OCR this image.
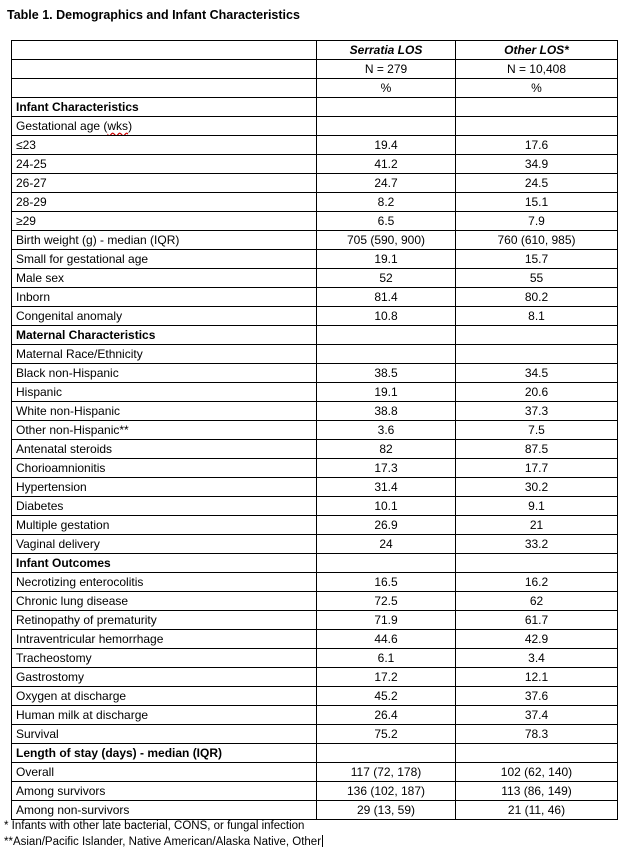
Table 1. Demographics and Infant Characteristics
	Serratia LOS	Other LOS*
	N = 279	N = 10,408
	%	%
Infant Characteristics		
Gestational age (wks)		
≤23	19.4	17.6
24-25	41.2	34.9
26-27	24.7	24.5
28-29	8.2	15.1
≥29	6.5	7.9
Birth weight (g) - median (IQR)	705 (590, 900)	760 (610, 985)
Small for gestational age	19.1	15.7
Male sex	52	55
Inborn	81.4	80.2
Congenital anomaly	10.8	8.1
Maternal Characteristics		
Maternal Race/Ethnicity		
Black non-Hispanic	38.5	34.5
Hispanic	19.1	20.6
White non-Hispanic	38.8	37.3
Other non-Hispanic**	3.6	7.5
Antenatal steroids	82	87.5
Chorioamnionitis	17.3	17.7
Hypertension	31.4	30.2
Diabetes	10.1	9.1
Multiple gestation	26.9	21
Vaginal delivery	24	33.2
Infant Outcomes		
Necrotizing enterocolitis	16.5	16.2
Chronic lung disease	72.5	62
Retinopathy of prematurity	71.9	61.7
Intraventricular hemorrhage	44.6	42.9
Tracheostomy	6.1	3.4
Gastrostomy	17.2	12.1
Oxygen at discharge	45.2	37.6
Human milk at discharge	26.4	37.4
Survival	75.2	78.3
Length of stay (days) - median (IQR)		
Overall	117 (72, 178)	102 (62, 140)
Among survivors	136 (102, 187)	113 (86, 149)
Among non-survivors	29 (13, 59)	21 (11, 46)
* Infants with other late bacterial, CONS, or fungal infection
**Asian/Pacific Islander, Native American/Alaska Native, Other
